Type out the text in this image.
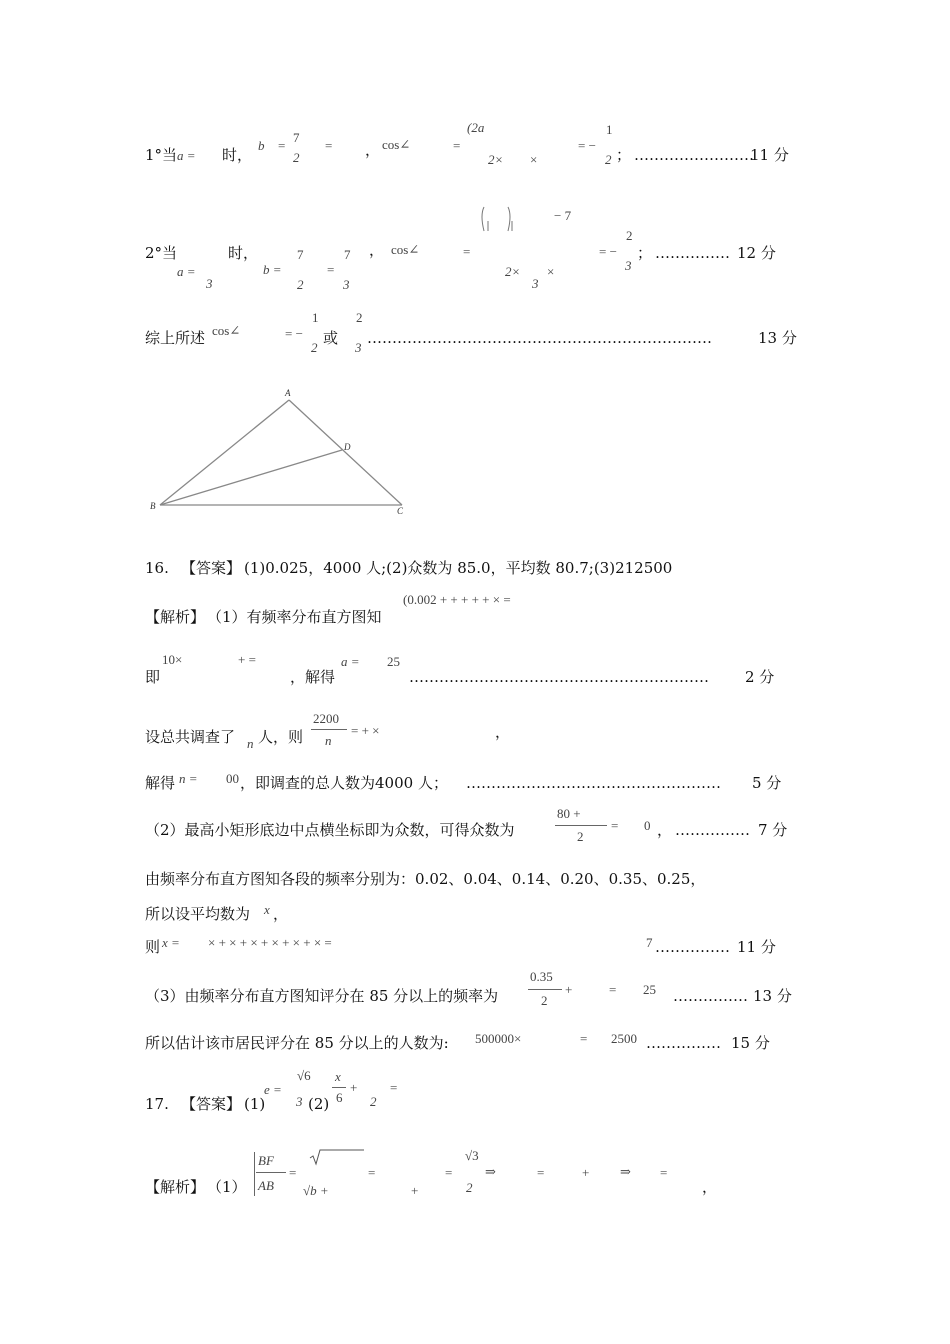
1°当 a = 时，
b =
7
2
= ， cos∠	=
(2a
2× ×
= −
1
2 ； ……………………
11 分
2°当	时，
a =
3
b =
7
2
=
7
3
， cos∠	=
− 7
2× ×
3
= −
2
3
； …………… 12 分
综上所述 cos∠	= −
1
2
或
2
3
……………………………………………………………	13 分
A
B	C
D
16. 【答案】 (1)0.025，4000 人;(2)众数为 85.0，平均数 80.7;(3)212500
【解析】 （1）有频率分布直方图知
(0.002 + + + + + × =
即
10×	+ =
，解得
a = 25
…………………………………………………… 2 分
设总共调查了 n 人，则
2200
n
= + ×	，
解得 n = 00 ，即调查的总人数为4000 人； …………………………………………… 5 分
（2）最高小矩形底边中点横坐标即为众数，可得众数为
80 +
2
= 0 ， …………… 7 分
由频率分布直方图知各段的频率分别为：0.02、0.04、0.14、0.20、0.35、0.25，
所以设平均数为 x ，
则 x = × + × + × + × + × + × =	7 …………… 11 分
（3）由频率分布直方图知评分在 85 分以上的频率为
0.35
2
+	= 25 …………… 13 分
所以估计该市居民评分在 85 分以上的人数为: 500000×	= 2500 …………… 15 分
17. 【答案】 (1)
e =
√6
3 (2)
x
6
+
2
=
【解析】 （1）
BF
AB
=
√b +
=
+
=
√3
2
⇒	=	+ ⇒ =
，
